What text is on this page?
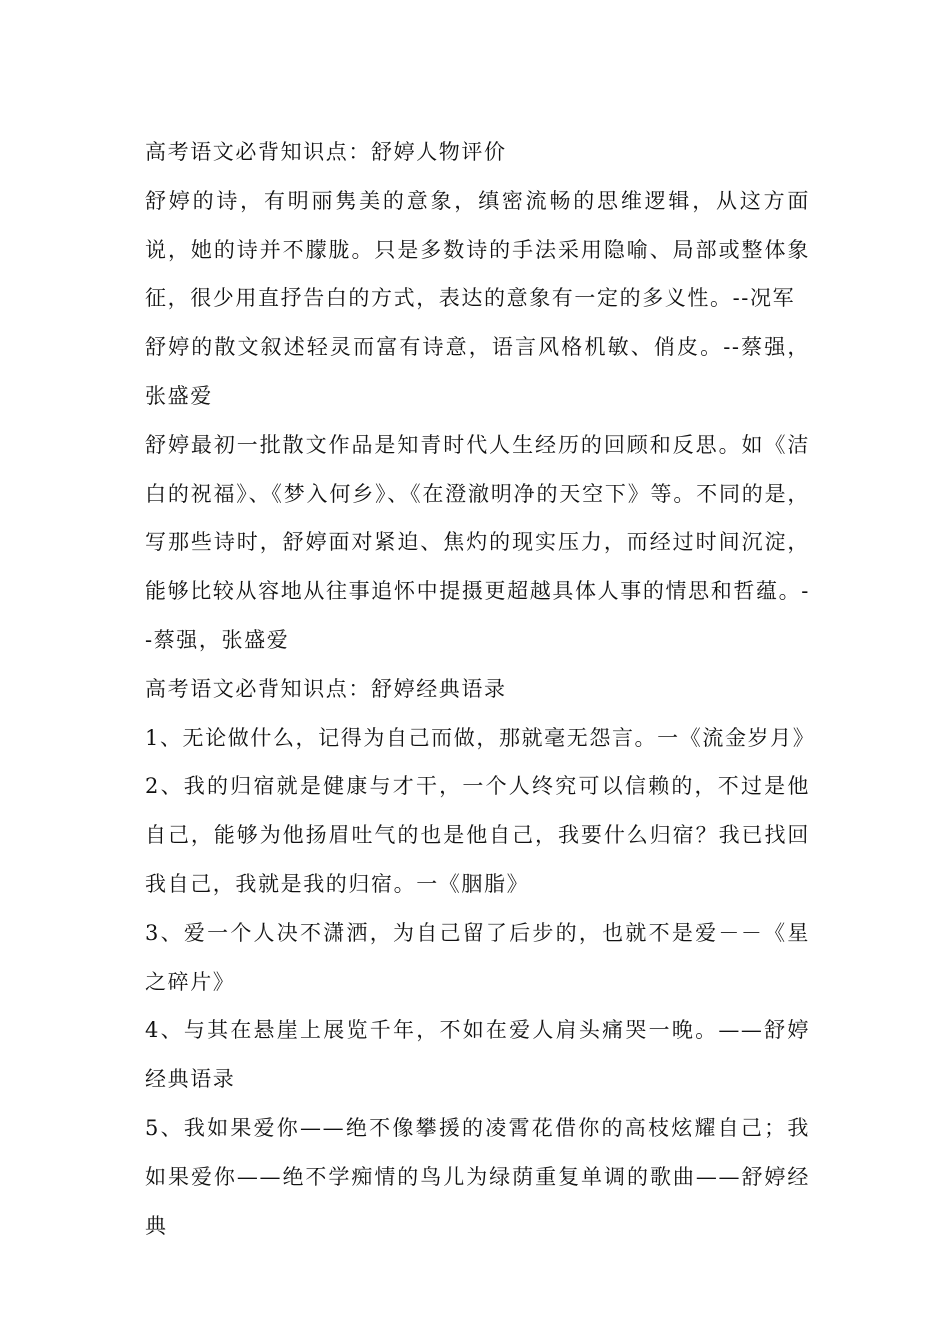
高考语文必背知识点：舒婷人物评价

舒婷的诗，有明丽隽美的意象，缜密流畅的思维逻辑，从这方面说，她的诗并不朦胧。只是多数诗的手法采用隐喻、局部或整体象征，很少用直抒告白的方式，表达的意象有一定的多义性。--况军

舒婷的散文叙述轻灵而富有诗意，语言风格机敏、俏皮。--蔡强，张盛爱

舒婷最初一批散文作品是知青时代人生经历的回顾和反思。如《洁白的祝福》、《梦入何乡》、《在澄澈明净的天空下》等。不同的是，写那些诗时，舒婷面对紧迫、焦灼的现实压力，而经过时间沉淀，能够比较从容地从往事追怀中提摄更超越具体人事的情思和哲蕴。--蔡强，张盛爱

高考语文必背知识点：舒婷经典语录

1、无论做什么，记得为自己而做，那就毫无怨言。一《流金岁月》

2、我的归宿就是健康与才干，一个人终究可以信赖的，不过是他自己，能够为他扬眉吐气的也是他自己，我要什么归宿？我已找回我自己，我就是我的归宿。一《胭脂》

3、爱一个人决不潇洒，为自己留了后步的，也就不是爱－－《星之碎片》

4、与其在悬崖上展览千年，不如在爱人肩头痛哭一晚。——舒婷经典语录

5、我如果爱你——绝不像攀援的凌霄花借你的高枝炫耀自己；我如果爱你——绝不学痴情的鸟儿为绿荫重复单调的歌曲——舒婷经典
